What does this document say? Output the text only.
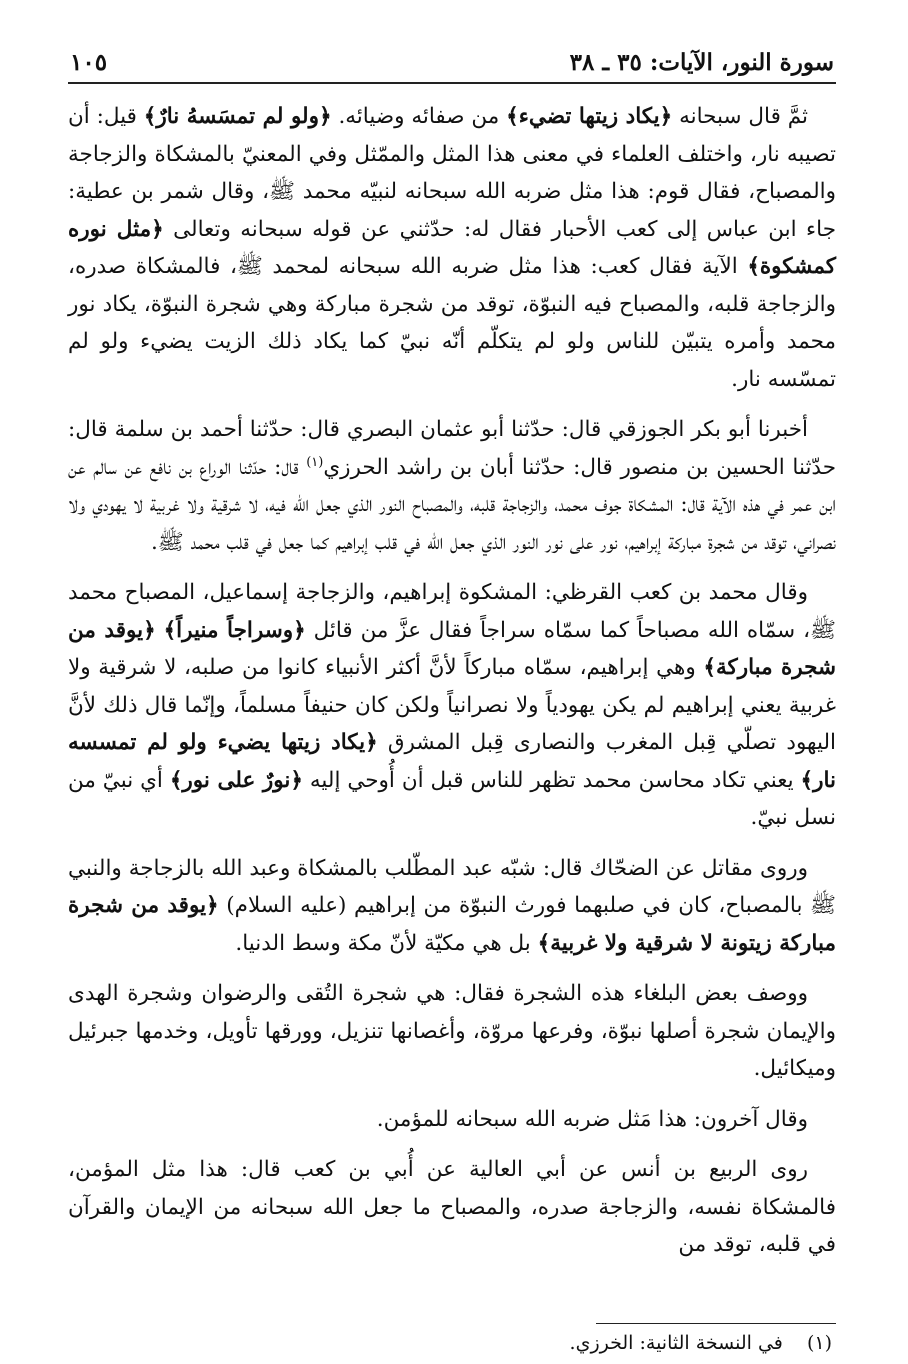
سورة النور، الآيات: ٣٥ ـ ٣٨
١٠٥

ثمَّ قال سبحانه ﴿يكاد زيتها تضيء﴾ من صفائه وضيائه. ﴿ولو لم تمسَسهُ نارٌ﴾ قيل: أن تصيبه نار، واختلف العلماء في معنى هذا المثل والممّثل وفي المعنيّ بالمشكاة والزجاجة والمصباح، فقال قوم: هذا مثل ضربه الله سبحانه لنبيّه محمد ﷺ، وقال شمر بن عطية: جاء ابن عباس إلى كعب الأحبار فقال له: حدّثني عن قوله سبحانه وتعالى ﴿مثل نوره كمشكوة﴾ الآية فقال كعب: هذا مثل ضربه الله سبحانه لمحمد ﷺ، فالمشكاة صدره، والزجاجة قلبه، والمصباح فيه النبوّة، توقد من شجرة مباركة وهي شجرة النبوّة، يكاد نور محمد وأمره يتبيّن للناس ولو لم يتكلّم أنّه نبيّ كما يكاد ذلك الزيت يضيء ولو لم تمسّسه نار.

أخبرنا أبو بكر الجوزقي قال: حدّثنا أبو عثمان البصري قال: حدّثنا أحمد بن سلمة قال: حدّثنا الحسين بن منصور قال: حدّثنا أبان بن راشد الحرزي$^{(١)}$ قال: حدّثنا الوراع بن نافع عن سالم عن ابن عمر في هذه الآية قال: المشكاة جوف محمد، والزجاجة قلبه، والمصباح النور الذي جعل الله فيه، لا شرقية ولا غربية لا يهودي ولا نصراني، توقد من شجرة مباركة إبراهيم، نور على نور النور الذي جعل الله في قلب إبراهيم كما جعل في قلب محمد ﷺ.

وقال محمد بن كعب القرظي: المشكوة إبراهيم، والزجاجة إسماعيل، المصباح محمد ﷺ، سمّاه الله مصباحاً كما سمّاه سراجاً فقال عزَّ من قائل ﴿وسراجاً منيراً﴾ ﴿يوقد من شجرة مباركة﴾ وهي إبراهيم، سمّاه مباركاً لأنَّ أكثر الأنبياء كانوا من صلبه، لا شرقية ولا غربية يعني إبراهيم لم يكن يهودياً ولا نصرانياً ولكن كان حنيفاً مسلماً، وإنّما قال ذلك لأنَّ اليهود تصلّي قِبل المغرب والنصارى قِبل المشرق ﴿يكاد زيتها يضيء ولو لم تمسسه نار﴾ يعني تكاد محاسن محمد تظهر للناس قبل أن أُوحي إليه ﴿نورٌ على نور﴾ أي نبيّ من نسل نبيّ.

وروى مقاتل عن الضحّاك قال: شبّه عبد المطّلب بالمشكاة وعبد الله بالزجاجة والنبي ﷺ بالمصباح، كان في صلبهما فورث النبوّة من إبراهيم (عليه السلام) ﴿يوقد من شجرة مباركة زيتونة لا شرقية ولا غربية﴾ بل هي مكيّة لأنّ مكة وسط الدنيا.

ووصف بعض البلغاء هذه الشجرة فقال: هي شجرة التُقى والرضوان وشجرة الهدى والإيمان شجرة أصلها نبوّة، وفرعها مروّة، وأغصانها تنزيل، وورقها تأويل، وخدمها جبرئيل وميكائيل.

وقال آخرون: هذا مَثل ضربه الله سبحانه للمؤمن.

روى الربيع بن أنس عن أبي العالية عن أُبي بن كعب قال: هذا مثل المؤمن، فالمشكاة نفسه، والزجاجة صدره، والمصباح ما جعل الله سبحانه من الإيمان والقرآن في قلبه، توقد من

(١) في النسخة الثانية: الخرزي.
